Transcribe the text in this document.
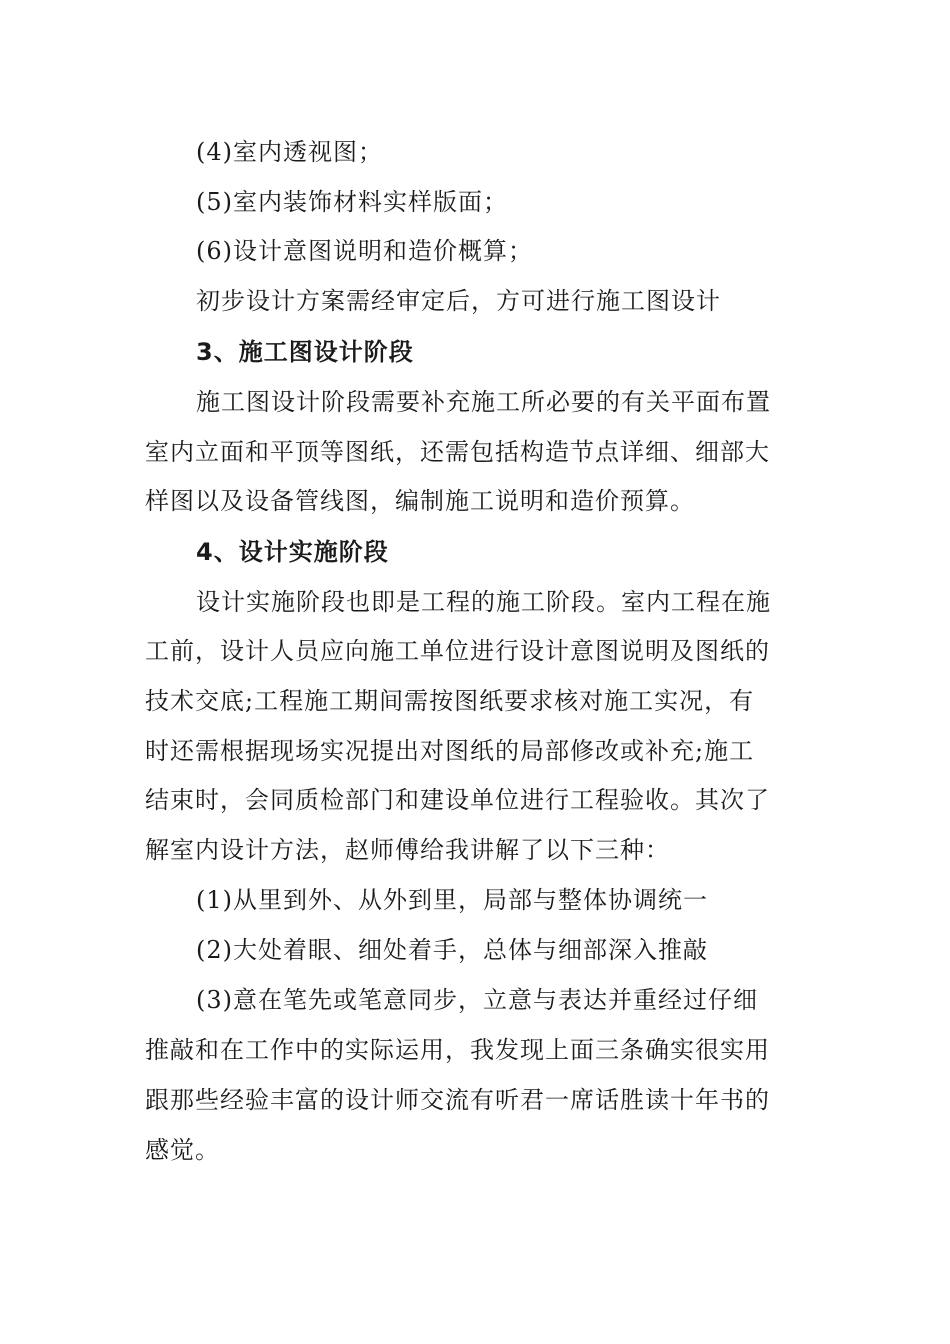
(4)室内透视图；
(5)室内装饰材料实样版面；
(6)设计意图说明和造价概算；
初步设计方案需经审定后，方可进行施工图设计
3、施工图设计阶段
施工图设计阶段需要补充施工所必要的有关平面布置
室内立面和平顶等图纸，还需包括构造节点详细、细部大
样图以及设备管线图，编制施工说明和造价预算。
4、设计实施阶段
设计实施阶段也即是工程的施工阶段。室内工程在施
工前，设计人员应向施工单位进行设计意图说明及图纸的
技术交底;工程施工期间需按图纸要求核对施工实况，有
时还需根据现场实况提出对图纸的局部修改或补充;施工
结束时，会同质检部门和建设单位进行工程验收。其次了
解室内设计方法，赵师傅给我讲解了以下三种：
(1)从里到外、从外到里，局部与整体协调统一
(2)大处着眼、细处着手，总体与细部深入推敲
(3)意在笔先或笔意同步，立意与表达并重经过仔细
推敲和在工作中的实际运用，我发现上面三条确实很实用
跟那些经验丰富的设计师交流有听君一席话胜读十年书的
感觉。
